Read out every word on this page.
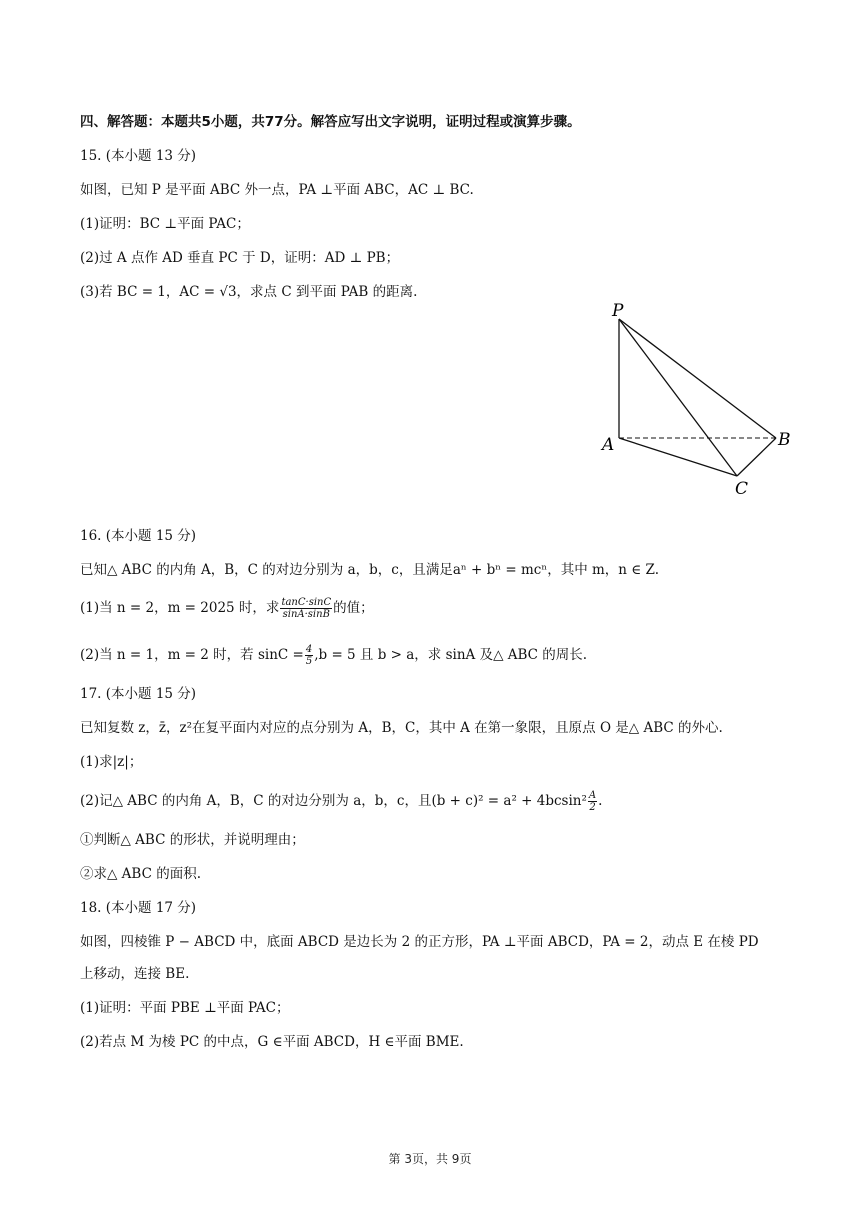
四、解答题：本题共5小题，共77分。解答应写出文字说明，证明过程或演算步骤。
15. (本小题 13 分)
如图，已知 P 是平面 ABC 外一点，PA ⊥平面 ABC，AC ⊥ BC.
(1)证明：BC ⊥平面 PAC；
(2)过 A 点作 AD 垂直 PC 于 D，证明：AD ⊥ PB；
(3)若 BC = 1，AC = √3，求点 C 到平面 PAB 的距离.
P
A	B
C
16. (本小题 15 分)
已知△ ABC 的内角 A，B，C 的对边分别为 a，b，c，且满足aⁿ + bⁿ = mcⁿ，其中 m，n ∈ Z.
(1)当 n = 2，m = 2025 时，求 $\frac{\tan C\cdot\sin C}{\sin A\cdot\sin B}$ 的值；
(2)当 n = 1，m = 2 时，若 $\sin C = \frac{4}{5} ,b = 5$ 且 b > a，求 sinA 及△ ABC 的周长.
17. (本小题 15 分)
已知复数 z，z̄，z²在复平面内对应的点分别为 A，B，C，其中 A 在第一象限，且原点 O 是△ ABC 的外心.
(1)求|z|；
(2)记△ ABC 的内角 A，B，C 的对边分别为 a，b，c，且$(b + c)^2 = a^2 + 4bcsin^2 \frac{A}{2}$ .
①判断△ ABC 的形状，并说明理由；
②求△ ABC 的面积.
18. (本小题 17 分)
如图，四棱锥 P − ABCD 中，底面 ABCD 是边长为 2 的正方形，PA ⊥平面 ABCD，PA = 2，动点 E 在棱 PD
上移动，连接 BE.
(1)证明：平面 PBE ⊥平面 PAC；
(2)若点 M 为棱 PC 的中点，G ∈平面 ABCD，H ∈平面 BME.
第 3页，共 9页
